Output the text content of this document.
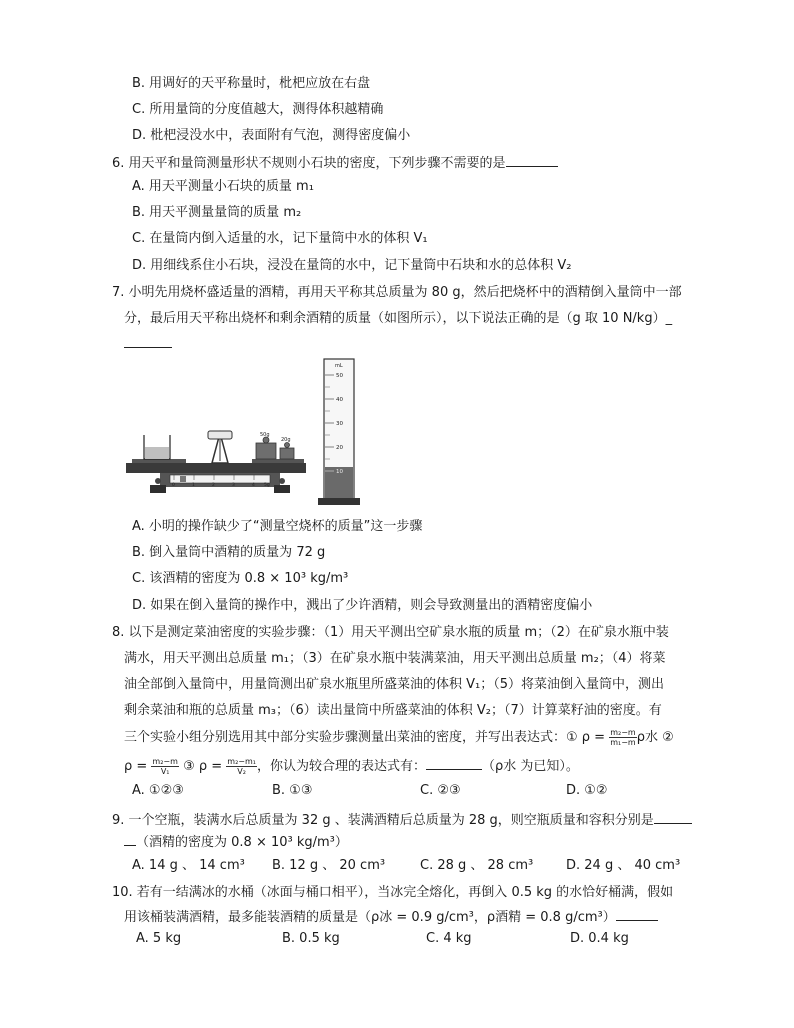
B. 用调好的天平称量时，枇杷应放在右盘
C. 所用量筒的分度值越大，测得体积越精确
D. 枇杷浸没水中，表面附有气泡，测得密度偏小
6. 用天平和量筒测量形状不规则小石块的密度，下列步骤不需要的是
A. 用天平测量小石块的质量 m₁
B. 用天平测量量筒的质量 m₂
C. 在量筒内倒入适量的水，记下量筒中水的体积 V₁
D. 用细线系住小石块，浸没在量筒的水中，记下量筒中石块和水的总体积 V₂
7. 小明先用烧杯盛适量的酒精，再用天平称其总质量为 80 g，然后把烧杯中的酒精倒入量筒中一部
分，最后用天平称出烧杯和剩余酒精的质量（如图所示），以下说法正确的是（g 取 10 N/kg）_
0	1	2	3	4 5g
50g
20g
mL
50
40
30
20
10
A. 小明的操作缺少了“测量空烧杯的质量”这一步骤
B. 倒入量筒中酒精的质量为 72 g
C. 该酒精的密度为 0.8 × 10³ kg/m³
D. 如果在倒入量筒的操作中，溅出了少许酒精，则会导致测量出的酒精密度偏小
8. 以下是测定菜油密度的实验步骤：（1）用天平测出空矿泉水瓶的质量 m；（2）在矿泉水瓶中装
满水，用天平测出总质量 m₁；（3）在矿泉水瓶中装满菜油，用天平测出总质量 m₂；（4）将菜
油全部倒入量筒中，用量筒测出矿泉水瓶里所盛菜油的体积 V₁；（5）将菜油倒入量筒中，测出
剩余菜油和瓶的总质量 m₃；（6）读出量筒中所盛菜油的体积 V₂；（7）计算菜籽油的密度。有
三个实验小组分别选用其中部分实验步骤测量出菜油的密度，并写出表达式：① $\rho = \frac{\text{m₂−m}}{\text{m₁−m}}$ ρ水 ②
$\rho = \frac{\text{m₂−m}}{\text{V₁}}$ ③ $\rho = \frac{\text{m₂−m₁}}{\text{V₂}}$ ，你认为较合理的表达式有：	（ρ水 为已知）。
A. ①②③	B. ①③	C. ②③	D. ①②
9. 一个空瓶，装满水后总质量为 32 g 、装满酒精后总质量为 28 g，则空瓶质量和容积分别是
（酒精的密度为 0.8 × 10³ kg/m³）
A. 14 g 、 14 cm³ B. 12 g 、 20 cm³	C. 28 g 、 28 cm³	D. 24 g 、 40 cm³
10. 若有一结满冰的水桶（冰面与桶口相平），当冰完全熔化，再倒入 0.5 kg 的水恰好桶满，假如
用该桶装满酒精，最多能装酒精的质量是（ρ冰 = 0.9 g/cm³，ρ酒精 = 0.8 g/cm³）
A. 5 kg	B. 0.5 kg	C. 4 kg	D. 0.4 kg
